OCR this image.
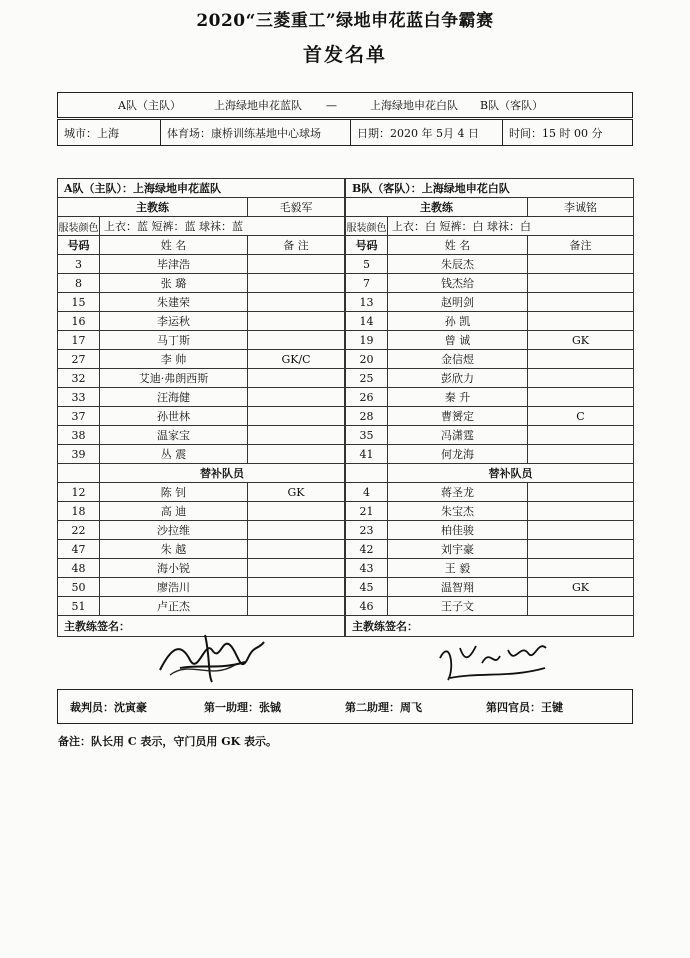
2020“三菱重工”绿地申花蓝白争霸赛
首发名单
A队（主队）	上海绿地申花蓝队 —	上海绿地申花白队 B队（客队）
城市：上海	体育场：康桥训练基地中心球场	日期：2020 年 5月 4 日	时间：15 时 00 分
A队（主队）：上海绿地申花蓝队		
主教练		毛毅军
服装颜色	上衣：蓝 短裤：蓝 球袜：蓝	
号码	姓 名	备 注
3	毕津浩	
8	张 璐	
15	朱建荣	
16	李运秋	
17	马丁斯	
27	李 帅	GK/C
32	艾迪·弗朗西斯	
33	汪海健	
37	孙世林	
38	温家宝	
39	丛 震	
	替补队员	
12	陈 钊	GK
18	高 迪	
22	沙拉维	
47	朱 越	
48	海小锐	
50	廖浩川	
51	卢正杰	
主教练签名：		
B队（客队）：上海绿地申花白队		
主教练		李诚铭
服装颜色	上衣：白 短裤：白 球袜：白	
号码	姓 名	备注
5	朱辰杰	
7	钱杰给	
13	赵明剑	
14	孙 凯	
19	曾 诚	GK
20	金信煜	
25	彭欣力	
26	秦 升	
28	曹赟定	C
35	冯潇霆	
41	何龙海	
	替补队员	
4	蒋圣龙	
21	朱宝杰	
23	柏佳骏	
42	刘宇豪	
43	王 毅	
45	温智翔	GK
46	王子文	
主教练签名：		
裁判员：沈寅豪	第一助理：张铖	第二助理：周飞	第四官员：王键
备注：队长用 C 表示，守门员用 GK 表示。
